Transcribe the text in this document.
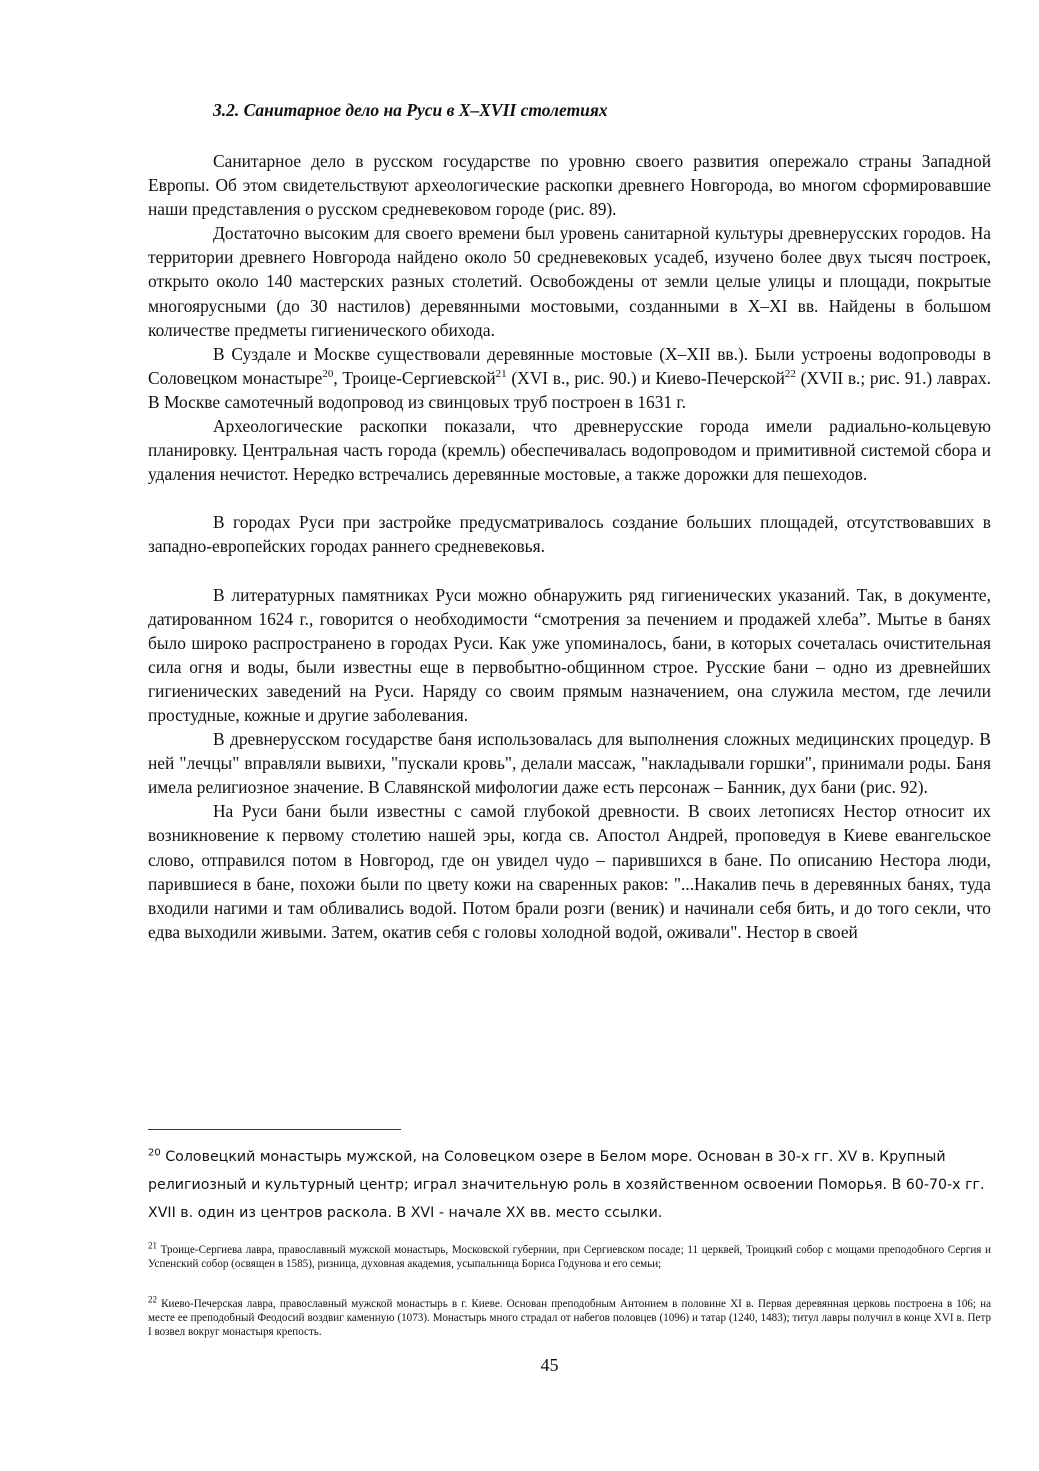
3.2. Санитарное дело на Руси в X–XVII столетиях

Санитарное дело в русском государстве по уровню своего развития опережало страны Западной Европы. Об этом свидетельствуют археологические раскопки древнего Новгорода, во многом сформировавшие наши представления о русском средневековом городе (рис. 89).

Достаточно высоким для своего времени был уровень санитарной культуры древнерусских городов. На территории древнего Новгорода найдено около 50 средневековых усадеб, изучено более двух тысяч построек, открыто около 140 мастерских разных столетий. Освобождены от земли целые улицы и площади, покрытые многоярусными (до 30 настилов) деревянными мостовыми, созданными в X–XI вв. Найдены в большом количестве предметы гигиенического обихода.

В Суздале и Москве существовали деревянные мостовые (X–XII вв.). Были устроены водопроводы в Соловецком монастыре$^{20}$, Троице-Сергиевской$^{21}$ (XVI в., рис. 90.) и Киево-Печерской$^{22}$ (XVII в.; рис. 91.) лаврах. В Москве самотечный водопровод из свинцовых труб построен в 1631 г.

Археологические раскопки показали, что древнерусские города имели радиально-кольцевую планировку. Центральная часть города (кремль) обеспечивалась водопроводом и примитивной системой сбора и удаления нечистот. Нередко встречались деревянные мостовые, а также дорожки для пешеходов.

В городах Руси при застройке предусматривалось создание больших площадей, отсутствовавших в западно-европейских городах раннего средневековья.

В литературных памятниках Руси можно обнаружить ряд гигиенических указаний. Так, в документе, датированном 1624 г., говорится о необходимости “смотрения за печением и продажей хлеба”. Мытье в банях было широко распространено в городах Руси. Как уже упоминалось, бани, в которых сочеталась очистительная сила огня и воды, были известны еще в первобытно-общинном строе. Русские бани – одно из древнейших гигиенических заведений на Руси. Наряду со своим прямым назначением, она служила местом, где лечили простудные, кожные и другие заболевания.

В древнерусском государстве баня использовалась для выполнения сложных медицинских процедур. В ней "лечцы" вправляли вывихи, "пускали кровь", делали массаж, "накладывали горшки", принимали роды. Баня имела религиозное значение. В Славянской мифологии даже есть персонаж – Банник, дух бани (рис. 92).

На Руси бани были известны с самой глубокой древности. В своих летописях Нестор относит их возникновение к первому столетию нашей эры, когда св. Апостол Андрей, проповедуя в Киеве евангельское слово, отправился потом в Новгород, где он увидел чудо – парившихся в бане. По описанию Нестора люди, парившиеся в бане, похожи были по цвету кожи на сваренных раков: "...Накалив печь в деревянных банях, туда входили нагими и там обливались водой. Потом брали розги (веник) и начинали себя бить, и до того секли, что едва выходили живыми. Затем, окатив себя с головы холодной водой, оживали". Нестор в своей

$^{20}$ Соловецкий монастырь мужской, на Соловецком озере в Белом море. Основан в 30-х гг. XV в. Крупный религиозный и культурный центр; играл значительную роль в хозяйственном освоении Поморья. В 60-70-х гг. XVII в. один из центров раскола. В XVI - начале XX вв. место ссылки.
$^{21}$ Троице-Сергиева лавра, православный мужской монастырь, Московской губернии, при Сергиевском посаде; 11 церквей, Троицкий собор с мощами преподобного Сергия и Успенский собор (освящен в 1585), ризница, духовная академия, усыпальница Бориса Годунова и его семьи;
$^{22}$ Киево-Печерская лавра, православный мужской монастырь в г. Киеве. Основан преподобным Антонием в половине XI в. Первая деревянная церковь построена в 106; на месте ее преподобный Феодосий воздвиг каменную (1073). Монастырь много страдал от набегов половцев (1096) и татар (1240, 1483); титул лавры получил в конце XVI в. Петр I возвел вокруг монастыря крепость.
45
